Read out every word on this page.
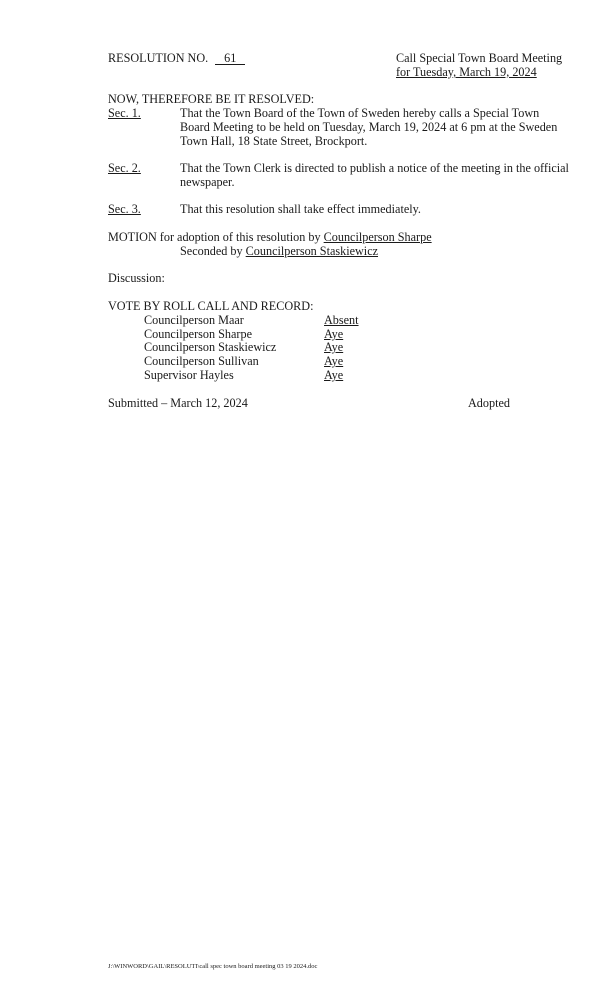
RESOLUTION NO. 61	Call Special Town Board Meeting
for Tuesday, March 19, 2024
NOW, THEREFORE BE IT RESOLVED:
Sec. 1.	That the Town Board of the Town of Sweden hereby calls a Special Town Board Meeting to be held on Tuesday, March 19, 2024 at 6 pm at the Sweden Town Hall, 18 State Street, Brockport.
Sec. 2.	That the Town Clerk is directed to publish a notice of the meeting in the official newspaper.
Sec. 3.	That this resolution shall take effect immediately.
MOTION for adoption of this resolution by Councilperson Sharpe
Seconded by Councilperson Staskiewicz
Discussion:
VOTE BY ROLL CALL AND RECORD:
Councilperson Maar	Absent
Councilperson Sharpe	Aye
Councilperson Staskiewicz	Aye
Councilperson Sullivan	Aye
Supervisor Hayles	Aye
Submitted – March 12, 2024	Adopted
J:\WINWORD\GAIL\RESOLUTI\call spec town board meeting 03 19 2024.doc
